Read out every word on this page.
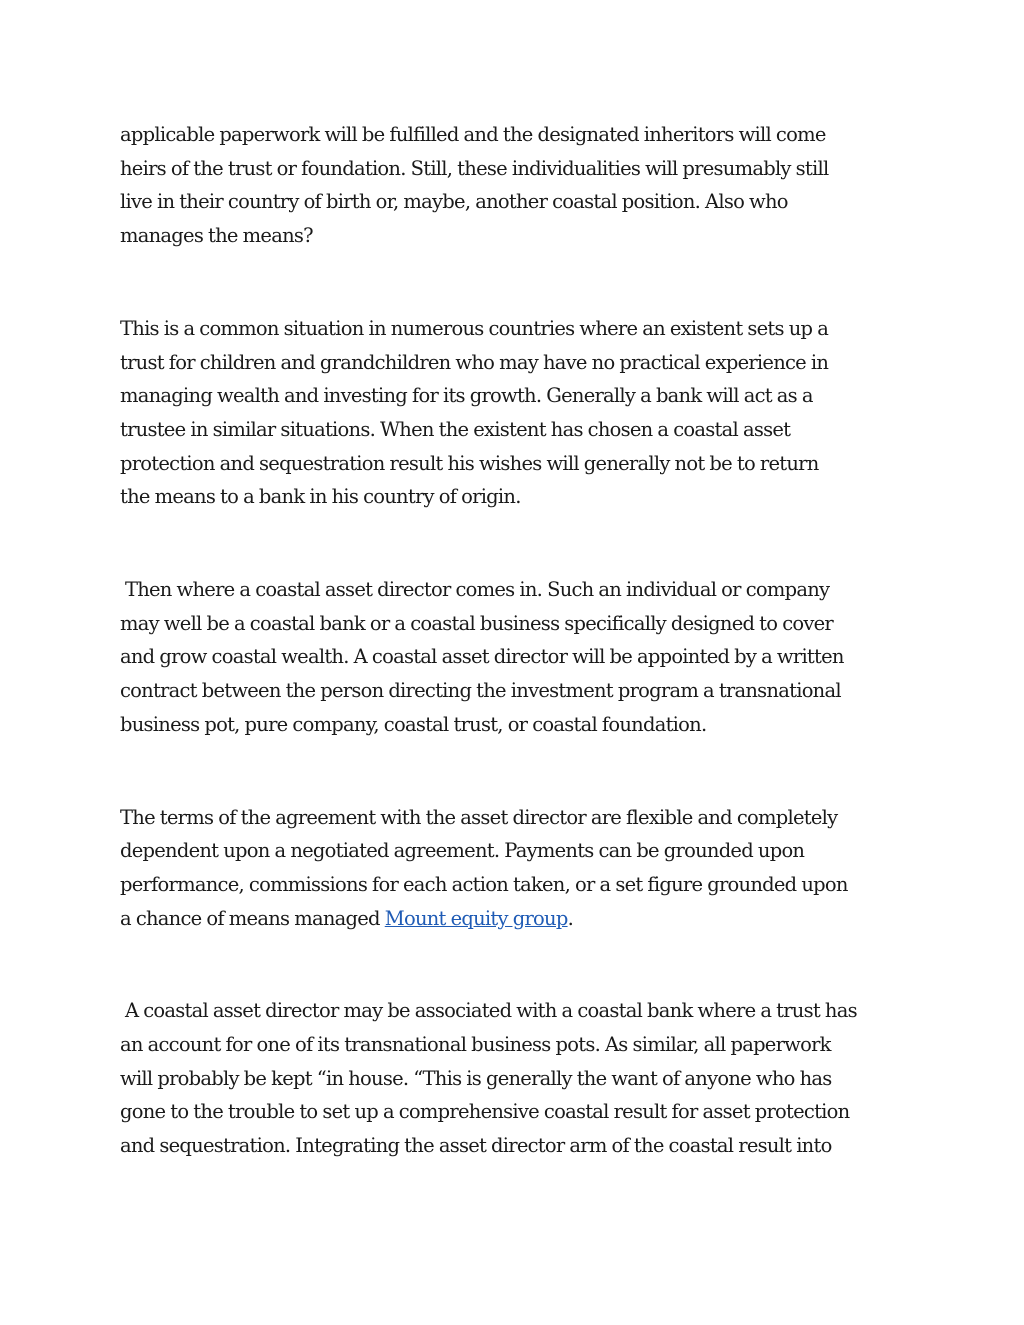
applicable paperwork will be fulfilled and the designated inheritors will come
heirs of the trust or foundation. Still, these individualities will presumably still
live in their country of birth or, maybe, another coastal position. Also who
manages the means?

This is a common situation in numerous countries where an existent sets up a
trust for children and grandchildren who may have no practical experience in
managing wealth and investing for its growth. Generally a bank will act as a
trustee in similar situations. When the existent has chosen a coastal asset
protection and sequestration result his wishes will generally not be to return
the means to a bank in his country of origin.

Then where a coastal asset director comes in. Such an individual or company
may well be a coastal bank or a coastal business specifically designed to cover
and grow coastal wealth. A coastal asset director will be appointed by a written
contract between the person directing the investment program a transnational
business pot, pure company, coastal trust, or coastal foundation.

The terms of the agreement with the asset director are flexible and completely
dependent upon a negotiated agreement. Payments can be grounded upon
performance, commissions for each action taken, or a set figure grounded upon
a chance of means managed Mount equity group.

A coastal asset director may be associated with a coastal bank where a trust has
an account for one of its transnational business pots. As similar, all paperwork
will probably be kept “in house. “This is generally the want of anyone who has
gone to the trouble to set up a comprehensive coastal result for asset protection
and sequestration. Integrating the asset director arm of the coastal result into
